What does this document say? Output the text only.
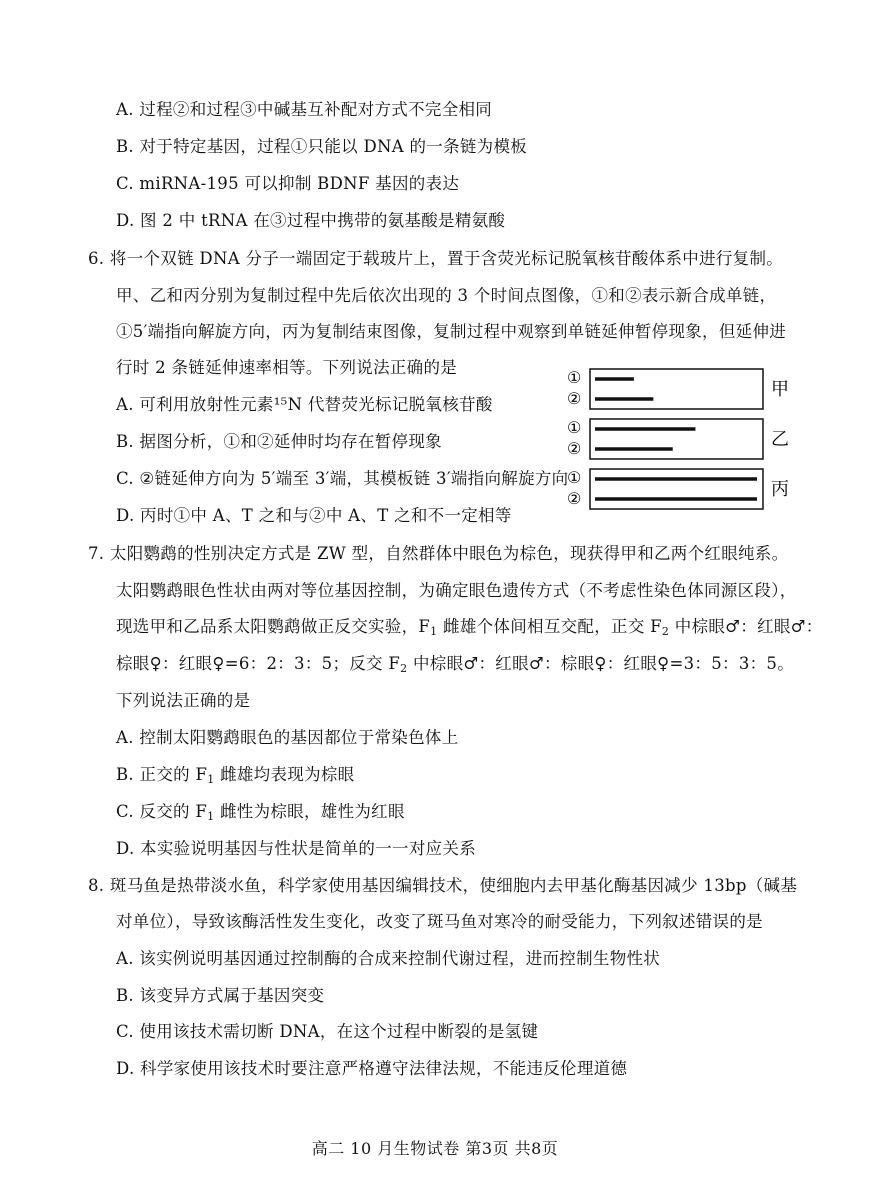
A. 过程②和过程③中碱基互补配对方式不完全相同
B. 对于特定基因，过程①只能以 DNA 的一条链为模板
C. miRNA-195 可以抑制 BDNF 基因的表达
D. 图 2 中 tRNA 在③过程中携带的氨基酸是精氨酸
6. 将一个双链 DNA 分子一端固定于载玻片上，置于含荧光标记脱氧核苷酸体系中进行复制。
甲、乙和丙分别为复制过程中先后依次出现的 3 个时间点图像，①和②表示新合成单链，
①5′端指向解旋方向，丙为复制结束图像，复制过程中观察到单链延伸暂停现象，但延伸进
行时 2 条链延伸速率相等。下列说法正确的是
A. 可利用放射性元素¹⁵N 代替荧光标记脱氧核苷酸
B. 据图分析，①和②延伸时均存在暂停现象
C. ②链延伸方向为 5′端至 3′端，其模板链 3′端指向解旋方向
D. 丙时①中 A、T 之和与②中 A、T 之和不一定相等
①
②	甲
①
②	乙
①
②	丙
7. 太阳鹦鹉的性别决定方式是 ZW 型，自然群体中眼色为棕色，现获得甲和乙两个红眼纯系。
太阳鹦鹉眼色性状由两对等位基因控制，为确定眼色遗传方式（不考虑性染色体同源区段），
现选甲和乙品系太阳鹦鹉做正反交实验，$F_1$ 雌雄个体间相互交配，正交 $F_2$ 中棕眼♂：红眼♂：
棕眼♀：红眼♀=6：2：3：5；反交 $F_2$ 中棕眼♂：红眼♂：棕眼♀：红眼♀=3：5：3：5。
下列说法正确的是
A. 控制太阳鹦鹉眼色的基因都位于常染色体上
B. 正交的 $F_1$ 雌雄均表现为棕眼
C. 反交的 $F_1$ 雌性为棕眼，雄性为红眼
D. 本实验说明基因与性状是简单的一一对应关系
8. 斑马鱼是热带淡水鱼，科学家使用基因编辑技术，使细胞内去甲基化酶基因减少 13bp（碱基
对单位），导致该酶活性发生变化，改变了斑马鱼对寒冷的耐受能力，下列叙述错误的是
A. 该实例说明基因通过控制酶的合成来控制代谢过程，进而控制生物性状
B. 该变异方式属于基因突变
C. 使用该技术需切断 DNA，在这个过程中断裂的是氢键
D. 科学家使用该技术时要注意严格遵守法律法规，不能违反伦理道德
高二 10 月生物试卷 第3页 共8页
